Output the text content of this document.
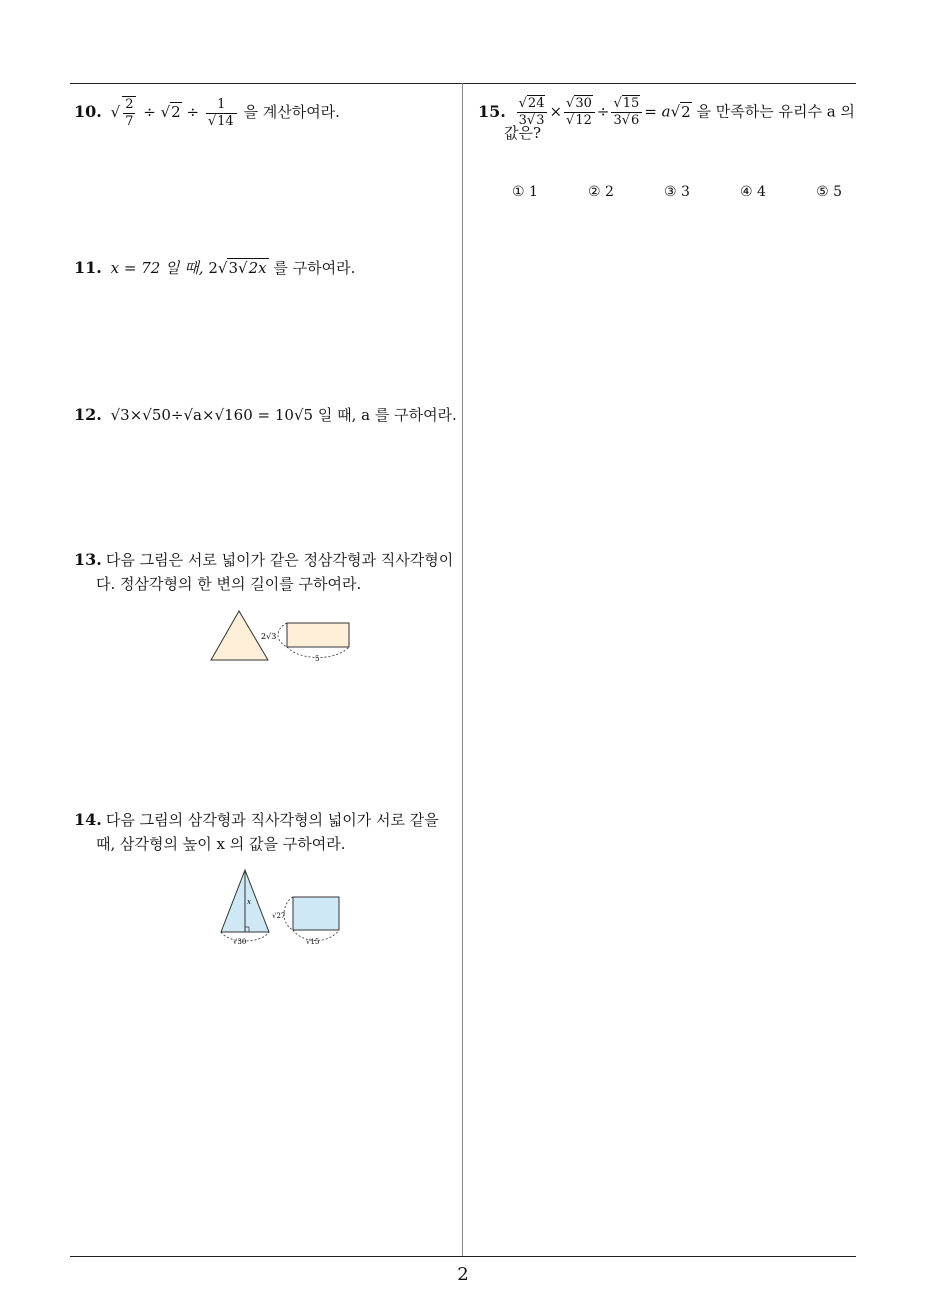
10. √ $\frac{2}{7} \div √2 \div \frac{1}{√14}$ 을 계산하여라.
11. x = 72 일 때, 2√3√2x 를 구하여라.
12. √3×√50÷√a×√160 = 10√5 일 때, a 를 구하여라.
13. 다음 그림은 서로 넓이가 같은 정삼각형과 직사각형이
다. 정삼각형의 한 변의 길이를 구하여라.
2√3
5
14. 다음 그림의 삼각형과 직사각형의 넓이가 서로 같을
때, 삼각형의 높이 x 의 값을 구하여라.
x
√30
√27
√15
15. $\frac{√24}{3√3} \times \frac{√30}{√12} \div \frac{√15}{3√6} = a√2$ 을 만족하는 유리수 a 의
값은?
① 1	② 2	③ 3	④ 4	⑤ 5
2
